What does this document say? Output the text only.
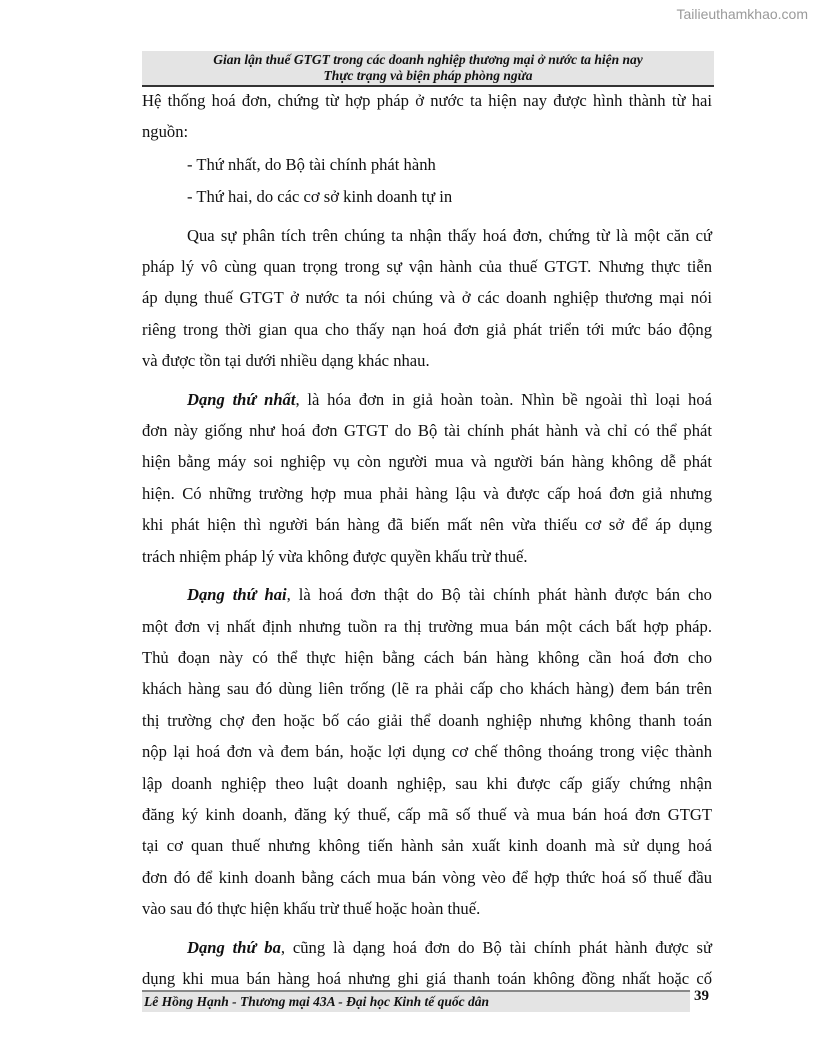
Tailieuthamkhao.com
Gian lận thuế GTGT trong các doanh nghiệp thương mại ở nước ta hiện nay
Thực trạng và biện pháp phòng ngừa
Hệ thống hoá đơn, chứng từ hợp pháp ở nước ta hiện nay được hình thành từ hai
nguồn:
- Thứ nhất, do Bộ tài chính phát hành
- Thứ hai, do các cơ sở kinh doanh tự in
Qua sự phân tích trên chúng ta nhận thấy hoá đơn, chứng từ là một căn cứ
pháp lý vô cùng quan trọng trong sự vận hành của thuế GTGT. Nhưng thực tiễn
áp dụng thuế GTGT ở nước ta nói chúng và ở các doanh nghiệp thương mại nói
riêng trong thời gian qua cho thấy nạn hoá đơn giả phát triển tới mức báo động
và được tồn tại dưới nhiều dạng khác nhau.
Dạng thứ nhất, là hóa đơn in giả hoàn toàn. Nhìn bề ngoài thì loại hoá
đơn này giống như hoá đơn GTGT do Bộ tài chính phát hành và chỉ có thể phát
hiện bằng máy soi nghiệp vụ còn người mua và người bán hàng không dễ phát
hiện. Có những trường hợp mua phải hàng lậu và được cấp hoá đơn giả nhưng
khi phát hiện thì người bán hàng đã biến mất nên vừa thiếu cơ sở để áp dụng
trách nhiệm pháp lý vừa không được quyền khấu trừ thuế.
Dạng thứ hai, là hoá đơn thật do Bộ tài chính phát hành được bán cho
một đơn vị nhất định nhưng tuồn ra thị trường mua bán một cách bất hợp pháp.
Thủ đoạn này có thể thực hiện bằng cách bán hàng không cần hoá đơn cho
khách hàng sau đó dùng liên trống (lẽ ra phải cấp cho khách hàng) đem bán trên
thị trường chợ đen hoặc bố cáo giải thể doanh nghiệp nhưng không thanh toán
nộp lại hoá đơn và đem bán, hoặc lợi dụng cơ chế thông thoáng trong việc thành
lập doanh nghiệp theo luật doanh nghiệp, sau khi được cấp giấy chứng nhận
đăng ký kinh doanh, đăng ký thuế, cấp mã số thuế và mua bán hoá đơn GTGT
tại cơ quan thuế nhưng không tiến hành sản xuất kinh doanh mà sử dụng hoá
đơn đó để kinh doanh bằng cách mua bán vòng vèo để hợp thức hoá số thuế đầu
vào sau đó thực hiện khấu trừ thuế hoặc hoàn thuế.
Dạng thứ ba, cũng là dạng hoá đơn do Bộ tài chính phát hành được sử
dụng khi mua bán hàng hoá nhưng ghi giá thanh toán không đồng nhất hoặc cố
Lê Hồng Hạnh - Thương mại 43A - Đại học Kinh tế quốc dân	39
